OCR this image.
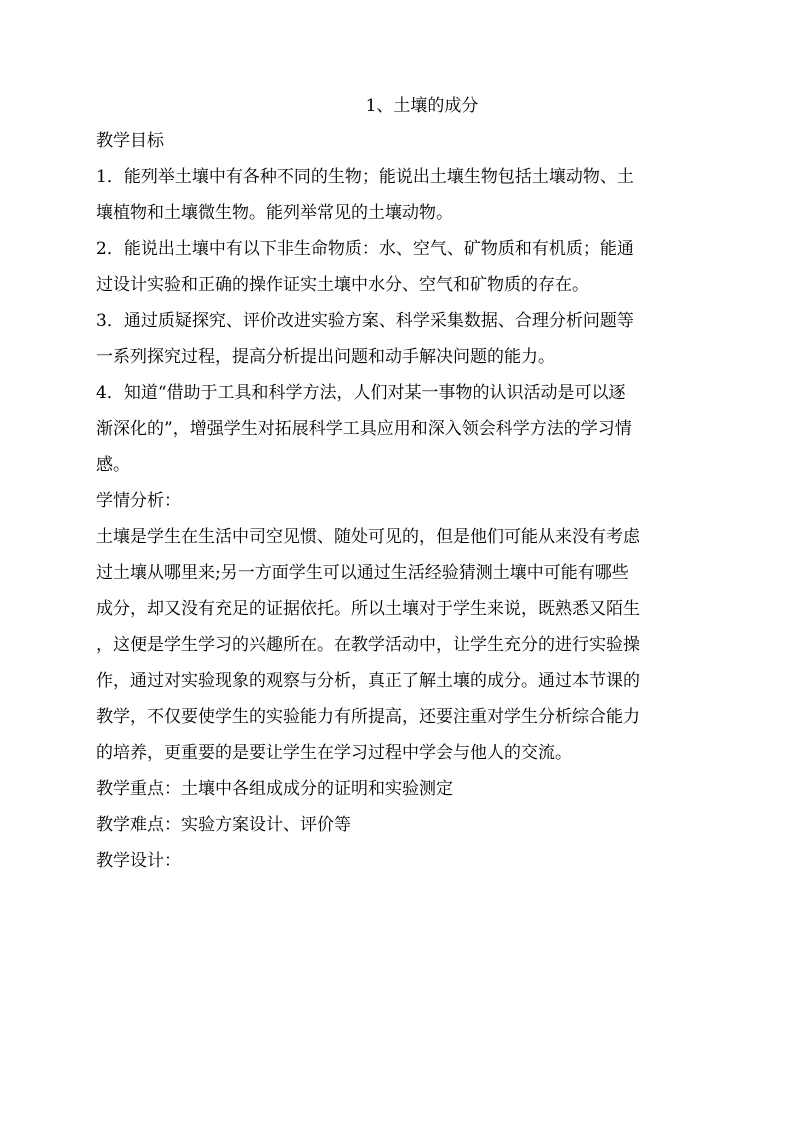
1、土壤的成分
教学目标
1．能列举土壤中有各种不同的生物；能说出土壤生物包括土壤动物、土
壤植物和土壤微生物。能列举常见的土壤动物。
2．能说出土壤中有以下非生命物质：水、空气、矿物质和有机质；能通
过设计实验和正确的操作证实土壤中水分、空气和矿物质的存在。
3．通过质疑探究、评价改进实验方案、科学采集数据、合理分析问题等
一系列探究过程，提高分析提出问题和动手解决问题的能力。
4．知道“借助于工具和科学方法，人们对某一事物的认识活动是可以逐
渐深化的”，增强学生对拓展科学工具应用和深入领会科学方法的学习情
感。
学情分析：
土壤是学生在生活中司空见惯、随处可见的，但是他们可能从来没有考虑
过土壤从哪里来;另一方面学生可以通过生活经验猜测土壤中可能有哪些
成分，却又没有充足的证据依托。所以土壤对于学生来说，既熟悉又陌生
，这便是学生学习的兴趣所在。在教学活动中，让学生充分的进行实验操
作，通过对实验现象的观察与分析，真正了解土壤的成分。通过本节课的
教学，不仅要使学生的实验能力有所提高，还要注重对学生分析综合能力
的培养，更重要的是要让学生在学习过程中学会与他人的交流。
教学重点：土壤中各组成成分的证明和实验测定
教学难点：实验方案设计、评价等
教学设计：
